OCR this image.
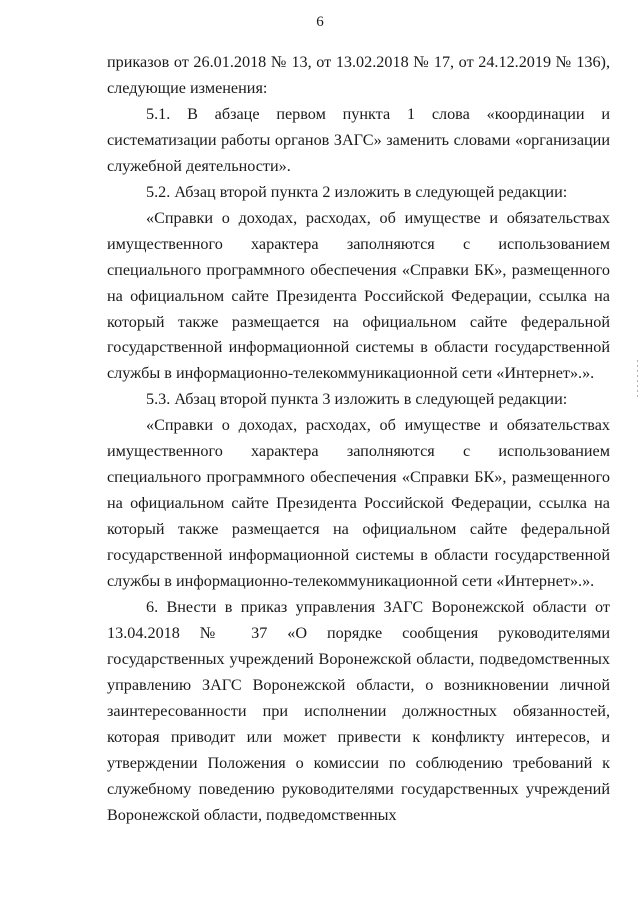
6

приказов от 26.01.2018 № 13, от 13.02.2018 № 17, от 24.12.2019 № 136), следующие изменения:

5.1. В абзаце первом пункта 1 слова «координации и систематизации работы органов ЗАГС» заменить словами «организации служебной деятельности».

5.2. Абзац второй пункта 2 изложить в следующей редакции:

«Справки о доходах, расходах, об имуществе и обязательствах имущественного характера заполняются с использованием специального программного обеспечения «Справки БК», размещенного на официальном сайте Президента Российской Федерации, ссылка на который также размещается на официальном сайте федеральной государственной информационной системы в области государственной службы в информационно-телекоммуникационной сети «Интернет».».

5.3. Абзац второй пункта 3 изложить в следующей редакции:

«Справки о доходах, расходах, об имуществе и обязательствах имущественного характера заполняются с использованием специального программного обеспечения «Справки БК», размещенного на официальном сайте Президента Российской Федерации, ссылка на который также размещается на официальном сайте федеральной государственной информационной системы в области государственной службы в информационно-телекоммуникационной сети «Интернет».».

6. Внести в приказ управления ЗАГС Воронежской области от 13.04.2018 № 37 «О порядке сообщения руководителями государственных учреждений Воронежской области, подведомственных управлению ЗАГС Воронежской области, о возникновении личной заинтересованности при исполнении должностных обязанностей, которая приводит или может привести к конфликту интересов, и утверждении Положения о комиссии по соблюдению требований к служебному поведению руководителями государственных учреждений Воронежской области, подведомственных
